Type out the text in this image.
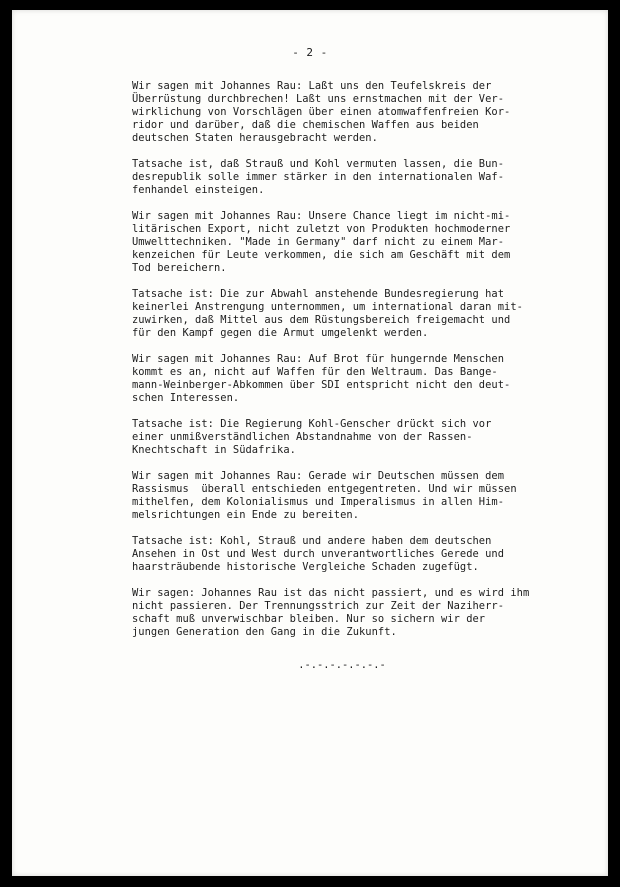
- 2 -
Wir sagen mit Johannes Rau: Laßt uns den Teufelskreis der
Überrüstung durchbrechen! Laßt uns ernstmachen mit der Ver-
wirklichung von Vorschlägen über einen atomwaffenfreien Kor-
ridor und darüber, daß die chemischen Waffen aus beiden
deutschen Staten herausgebracht werden.
Tatsache ist, daß Strauß und Kohl vermuten lassen, die Bun-
desrepublik solle immer stärker in den internationalen Waf-
fenhandel einsteigen.
Wir sagen mit Johannes Rau: Unsere Chance liegt im nicht-mi-
litärischen Export, nicht zuletzt von Produkten hochmoderner
Umwelttechniken. "Made in Germany" darf nicht zu einem Mar-
kenzeichen für Leute verkommen, die sich am Geschäft mit dem
Tod bereichern.
Tatsache ist: Die zur Abwahl anstehende Bundesregierung hat
keinerlei Anstrengung unternommen, um international daran mit-
zuwirken, daß Mittel aus dem Rüstungsbereich freigemacht und
für den Kampf gegen die Armut umgelenkt werden.
Wir sagen mit Johannes Rau: Auf Brot für hungernde Menschen
kommt es an, nicht auf Waffen für den Weltraum. Das Bange-
mann-Weinberger-Abkommen über SDI entspricht nicht den deut-
schen Interessen.
Tatsache ist: Die Regierung Kohl-Genscher drückt sich vor
einer unmißverständlichen Abstandnahme von der Rassen-
Knechtschaft in Südafrika.
Wir sagen mit Johannes Rau: Gerade wir Deutschen müssen dem
Rassismus  überall entschieden entgegentreten. Und wir müssen
mithelfen, dem Kolonialismus und Imperalismus in allen Him-
melsrichtungen ein Ende zu bereiten.
Tatsache ist: Kohl, Strauß und andere haben dem deutschen
Ansehen in Ost und West durch unverantwortliches Gerede und
haarsträubende historische Vergleiche Schaden zugefügt.
Wir sagen: Johannes Rau ist das nicht passiert, und es wird ihm
nicht passieren. Der Trennungsstrich zur Zeit der Naziherr-
schaft muß unverwischbar bleiben. Nur so sichern wir der
jungen Generation den Gang in die Zukunft.
.-.-.-.-.-.-.-
